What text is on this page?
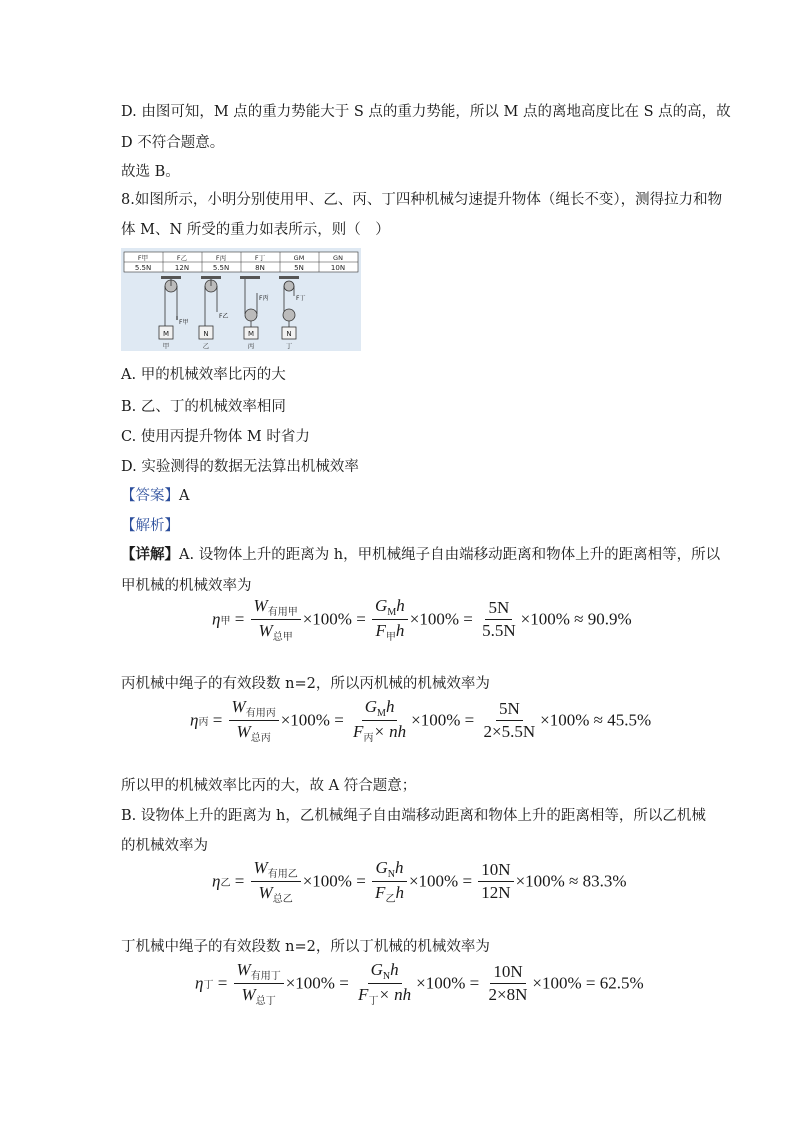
D. 由图可知，M 点的重力势能大于 S 点的重力势能，所以 M 点的离地高度比在 S 点的高，故
D 不符合题意。
故选 B。
8.如图所示，小明分别使用甲、乙、丙、丁四种机械匀速提升物体（绳长不变），测得拉力和物
体 M、N 所受的重力如表所示，则（　）
F甲	F乙	F丙	F丁	GM	GN
5.5N	12N	5.5N	8N	5N	10N
F甲
F乙
F丙	F丁
M	N	M	N
甲	乙	丙	丁
A. 甲的机械效率比丙的大
B. 乙、丁的机械效率相同
C. 使用丙提升物体 M 时省力
D. 实验测得的数据无法算出机械效率
【答案】A
【解析】
【详解】A. 设物体上升的距离为 h，甲机械绳子自由端移动距离和物体上升的距离相等，所以
甲机械的机械效率为
η甲 = $\frac{W_{有用甲}}{W_{总甲}} \times 100\% = \frac{G_Mh}{F_甲h} \times 100\% = \frac{5N}{5.5N} \times 100\% \approx 90.9\%$
丙机械中绳子的有效段数 n=2，所以丙机械的机械效率为
η丙 = $\frac{W_{有用丙}}{W_{总丙}} \times 100\% = \frac{G_Mh}{F_丙\times nh} \times 100\% = \frac{5N}{2\times 5.5N} \times 100\% \approx 45.5\%$
所以甲的机械效率比丙的大，故 A 符合题意；
B. 设物体上升的距离为 h，乙机械绳子自由端移动距离和物体上升的距离相等，所以乙机械
的机械效率为
η乙 = $\frac{W_{有用乙}}{W_{总乙}} \times 100\% = \frac{G_Nh}{F_乙h} \times 100\% = \frac{10N}{12N} \times 100\% \approx 83.3\%$
丁机械中绳子的有效段数 n=2，所以丁机械的机械效率为
η丁 = $\frac{W_{有用丁}}{W_{总丁}} \times 100\% = \frac{G_Nh}{F_丁\times nh} \times 100\% = \frac{10N}{2\times 8N} \times 100\% = 62.5\%$
